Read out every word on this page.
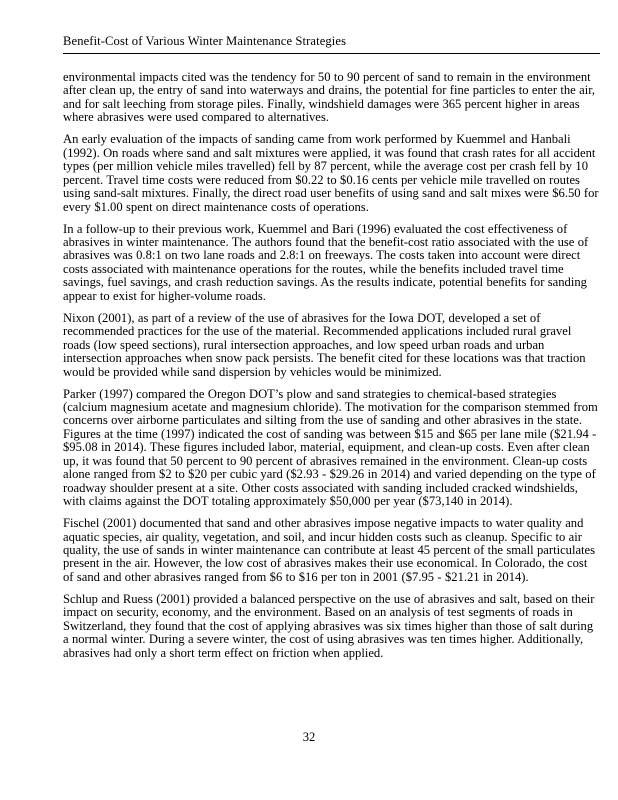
Benefit-Cost of Various Winter Maintenance Strategies

environmental impacts cited was the tendency for 50 to 90 percent of sand to remain in the environment after clean up, the entry of sand into waterways and drains, the potential for fine particles to enter the air, and for salt leeching from storage piles. Finally, windshield damages were 365 percent higher in areas where abrasives were used compared to alternatives.

An early evaluation of the impacts of sanding came from work performed by Kuemmel and Hanbali (1992). On roads where sand and salt mixtures were applied, it was found that crash rates for all accident types (per million vehicle miles travelled) fell by 87 percent, while the average cost per crash fell by 10 percent. Travel time costs were reduced from $0.22 to $0.16 cents per vehicle mile travelled on routes using sand-salt mixtures. Finally, the direct road user benefits of using sand and salt mixes were $6.50 for every $1.00 spent on direct maintenance costs of operations.

In a follow-up to their previous work, Kuemmel and Bari (1996) evaluated the cost effectiveness of abrasives in winter maintenance. The authors found that the benefit-cost ratio associated with the use of abrasives was 0.8:1 on two lane roads and 2.8:1 on freeways. The costs taken into account were direct costs associated with maintenance operations for the routes, while the benefits included travel time savings, fuel savings, and crash reduction savings. As the results indicate, potential benefits for sanding appear to exist for higher-volume roads.

Nixon (2001), as part of a review of the use of abrasives for the Iowa DOT, developed a set of recommended practices for the use of the material. Recommended applications included rural gravel roads (low speed sections), rural intersection approaches, and low speed urban roads and urban intersection approaches when snow pack persists. The benefit cited for these locations was that traction would be provided while sand dispersion by vehicles would be minimized.

Parker (1997) compared the Oregon DOT’s plow and sand strategies to chemical-based strategies (calcium magnesium acetate and magnesium chloride). The motivation for the comparison stemmed from concerns over airborne particulates and silting from the use of sanding and other abrasives in the state. Figures at the time (1997) indicated the cost of sanding was between $15 and $65 per lane mile ($21.94 - $95.08 in 2014). These figures included labor, material, equipment, and clean-up costs. Even after clean up, it was found that 50 percent to 90 percent of abrasives remained in the environment. Clean-up costs alone ranged from $2 to $20 per cubic yard ($2.93 - $29.26 in 2014) and varied depending on the type of roadway shoulder present at a site. Other costs associated with sanding included cracked windshields, with claims against the DOT totaling approximately $50,000 per year ($73,140 in 2014).

Fischel (2001) documented that sand and other abrasives impose negative impacts to water quality and aquatic species, air quality, vegetation, and soil, and incur hidden costs such as cleanup. Specific to air quality, the use of sands in winter maintenance can contribute at least 45 percent of the small particulates present in the air. However, the low cost of abrasives makes their use economical. In Colorado, the cost of sand and other abrasives ranged from $6 to $16 per ton in 2001 ($7.95 - $21.21 in 2014).

Schlup and Ruess (2001) provided a balanced perspective on the use of abrasives and salt, based on their impact on security, economy, and the environment. Based on an analysis of test segments of roads in Switzerland, they found that the cost of applying abrasives was six times higher than those of salt during a normal winter. During a severe winter, the cost of using abrasives was ten times higher. Additionally, abrasives had only a short term effect on friction when applied.

32
